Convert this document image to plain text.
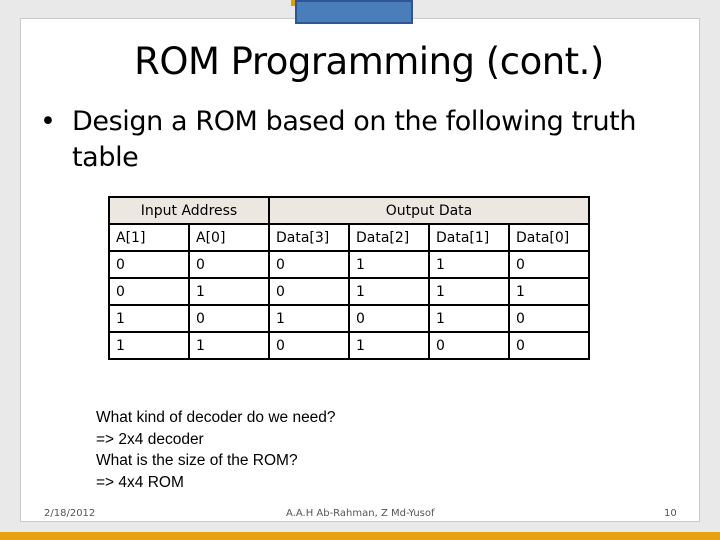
ROM Programming (cont.)
• Design a ROM based on the following truth table
Input Address		Output Data			
A[1]	A[0]	Data[3]	Data[2]	Data[1]	Data[0]
0	0	0	1	1	0
0	1	0	1	1	1
1	0	1	0	1	0
1	1	0	1	0	0
What kind of decoder do we need?
=> 2x4 decoder
What is the size of the ROM?
=> 4x4 ROM
2/18/2012	A.A.H Ab-Rahman, Z Md-Yusof	10
